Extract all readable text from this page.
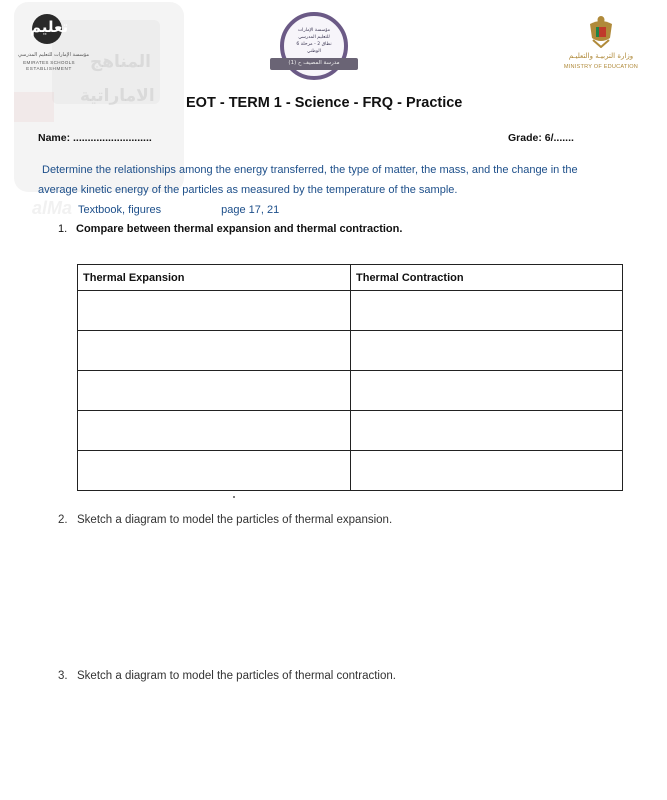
المناهج
الاماراتية
alMa
تعليم
مؤسسة الإمارات للتعليم المدرسي
EMIRATES SCHOOLS
ESTABLISHMENT
مؤسسة الإمارات
للتعليم المدرسي
نطاق 2 - مرحلة 6
الوطني
مدرسة المصيف ح (1)
وزارة التربيـة والتعليـم
MINISTRY OF EDUCATION
EOT - TERM 1 - Science - FRQ - Practice
Name: ...........................	Grade: 6/.......
Determine the relationships among the energy transferred, the type of matter, the mass, and the change in the
average kinetic energy of the particles as measured by the temperature of the sample.
Textbook, figures	page 17, 21
1. Compare between thermal expansion and thermal contraction.
Thermal Expansion	Thermal Contraction

2. Sketch a diagram to model the particles of thermal expansion.
3. Sketch a diagram to model the particles of thermal contraction.
